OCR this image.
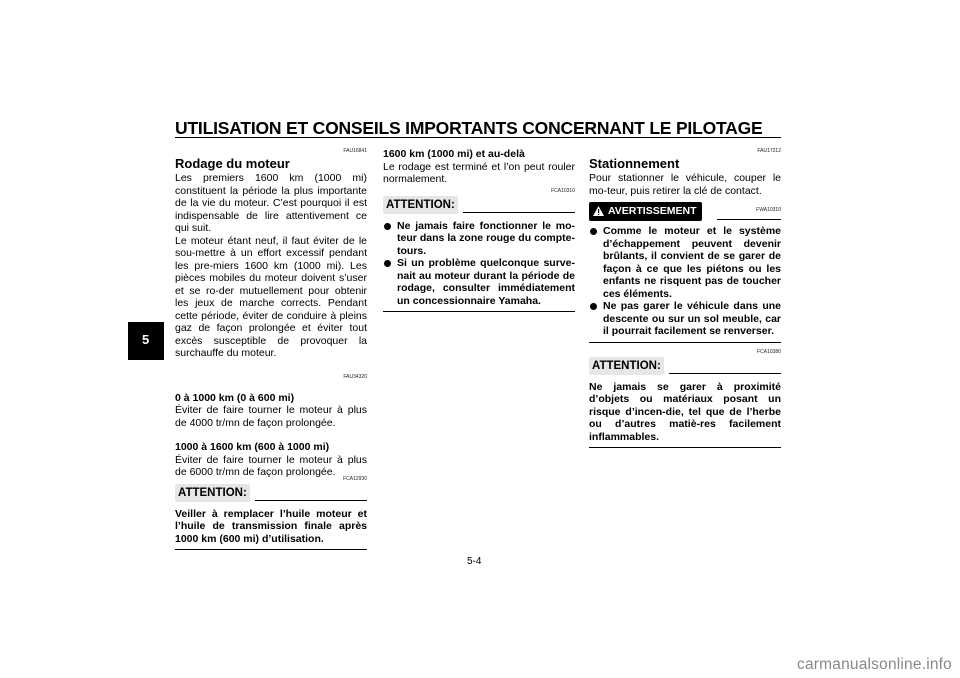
UTILISATION ET CONSEILS IMPORTANTS CONCERNANT LE PILOTAGE
5
FAU16841
Rodage du moteur

Les premiers 1600 km (1000 mi) constituent la période la plus importante de la vie du moteur. C’est pourquoi il est indispensable de lire attentivement ce qui suit.

Le moteur étant neuf, il faut éviter de le sou-mettre à un effort excessif pendant les pre-miers 1600 km (1000 mi). Les pièces mobiles du moteur doivent s’user et se ro-der mutuellement pour obtenir les jeux de marche corrects. Pendant cette période, éviter de conduire à pleins gaz de façon prolongée et éviter tout excès susceptible de provoquer la surchauffe du moteur.

FAU34320
0 à 1000 km (0 à 600 mi)

Éviter de faire tourner le moteur à plus de 4000 tr/mn de façon prolongée.

1000 à 1600 km (600 à 1000 mi)

Éviter de faire tourner le moteur à plus de 6000 tr/mn de façon prolongée.

FCA12930
ATTENTION:

Veiller à remplacer l’huile moteur et l’huile de transmission finale après 1000 km (600 mi) d’utilisation.

1600 km (1000 mi) et au-delà

Le rodage est terminé et l’on peut rouler normalement.

FCA10310
ATTENTION:
Ne jamais faire fonctionner le mo-teur dans la zone rouge du compte-tours.
Si un problème quelconque surve-nait au moteur durant la période de rodage, consulter immédiatement un concessionnaire Yamaha.
FAU17212
Stationnement

Pour stationner le véhicule, couper le mo-teur, puis retirer la clé de contact.

AVERTISSEMENT	FWA10310
Comme le moteur et le système d’échappement peuvent devenir brûlants, il convient de se garer de façon à ce que les piétons ou les enfants ne risquent pas de toucher ces éléments.
Ne pas garer le véhicule dans une descente ou sur un sol meuble, car il pourrait facilement se renverser.
FCA10380
ATTENTION:

Ne jamais se garer à proximité d’objets ou matériaux posant un risque d’incen-die, tel que de l’herbe ou d’autres matiè-res facilement inflammables.

5-4
carmanualsonline.info
